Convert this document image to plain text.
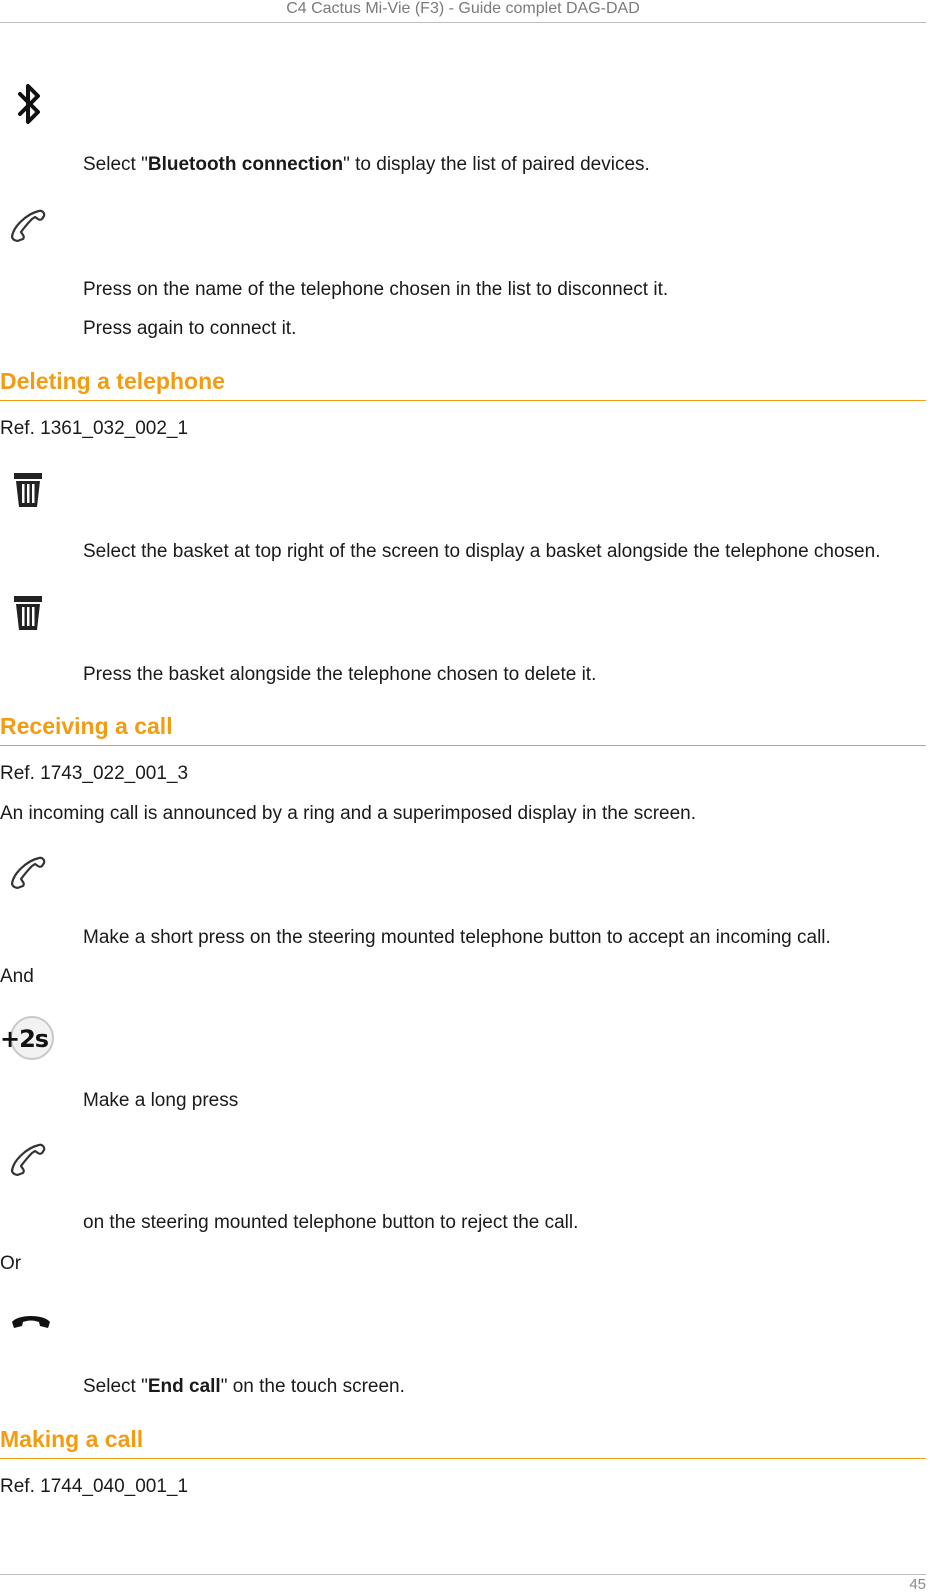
C4 Cactus Mi-Vie (F3) - Guide complet DAG-DAD
Select "Bluetooth connection" to display the list of paired devices.
Press on the name of the telephone chosen in the list to disconnect it.
Press again to connect it.
Deleting a telephone
Ref. 1361_032_002_1
Select the basket at top right of the screen to display a basket alongside the telephone chosen.
Press the basket alongside the telephone chosen to delete it.
Receiving a call
Ref. 1743_022_001_3
An incoming call is announced by a ring and a superimposed display in the screen.
Make a short press on the steering mounted telephone button to accept an incoming call.
And
+2s
Make a long press
on the steering mounted telephone button to reject the call.
Or
Select "End call" on the touch screen.
Making a call
Ref. 1744_040_001_1
45
